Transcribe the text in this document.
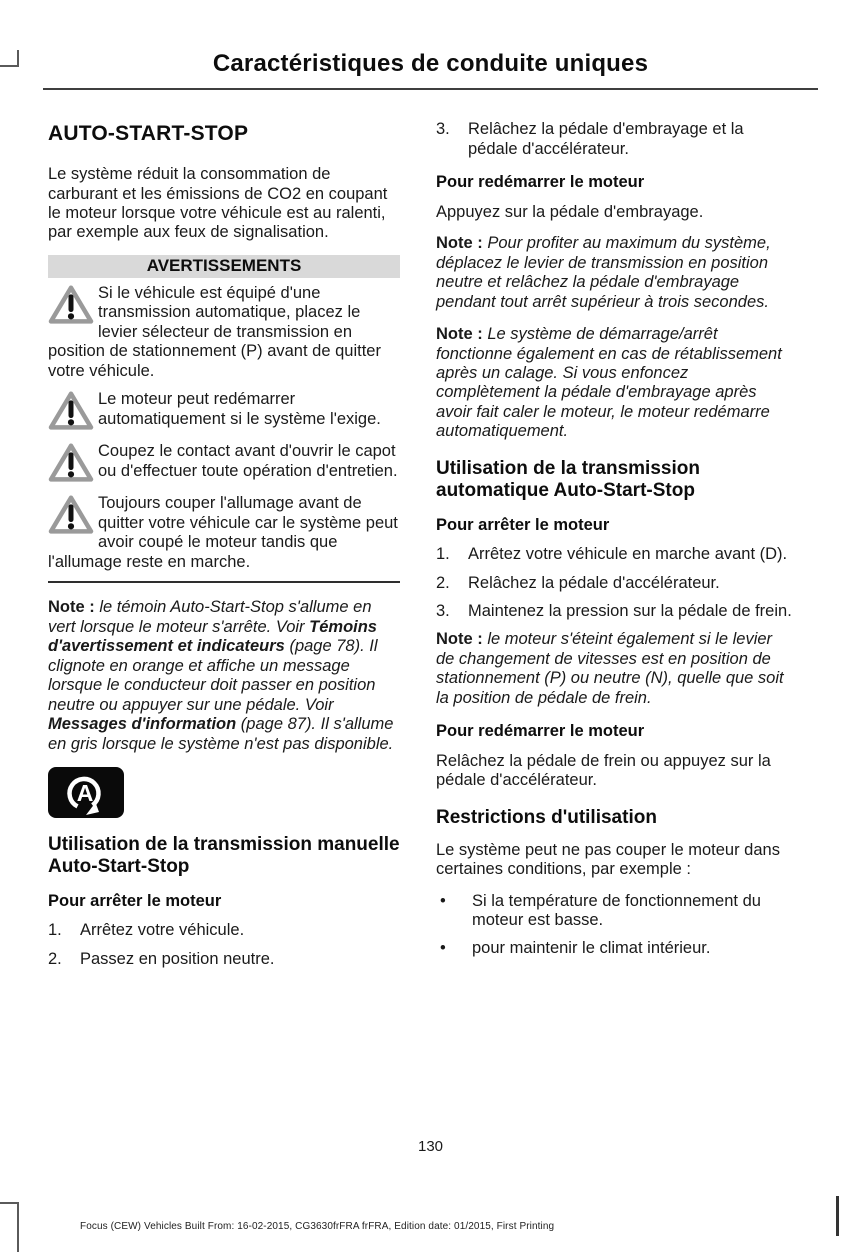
Caractéristiques de conduite uniques
AUTO-START-STOP

Le système réduit la consommation de carburant et les émissions de CO2 en coupant le moteur lorsque votre véhicule est au ralenti, par exemple aux feux de signalisation.

AVERTISSEMENTS
Si le véhicule est équipé d'une transmission automatique, placez le levier sélecteur de transmission en position de stationnement (P) avant de quitter votre véhicule.
Le moteur peut redémarrer automatiquement si le système l'exige.
Coupez le contact avant d'ouvrir le capot ou d'effectuer toute opération d'entretien.
Toujours couper l'allumage avant de quitter votre véhicule car le système peut avoir coupé le moteur tandis que l'allumage reste en marche.

Note : le témoin Auto-Start-Stop s'allume en vert lorsque le moteur s'arrête. Voir Témoins d'avertissement et indicateurs (page 78). Il clignote en orange et affiche un message lorsque le conducteur doit passer en position neutre ou appuyer sur une pédale. Voir Messages d'information (page 87). Il s'allume en gris lorsque le système n'est pas disponible.

A
Utilisation de la transmission manuelle Auto-Start-Stop
Pour arrêter le moteur
1.	Arrêtez votre véhicule.
2.	Passez en position neutre.
3.	Relâchez la pédale d'embrayage et la pédale d'accélérateur.
Pour redémarrer le moteur

Appuyez sur la pédale d'embrayage.

Note : Pour profiter au maximum du système, déplacez le levier de transmission en position neutre et relâchez la pédale d'embrayage pendant tout arrêt supérieur à trois secondes.

Note : Le système de démarrage/arrêt fonctionne également en cas de rétablissement après un calage. Si vous enfoncez complètement la pédale d'embrayage après avoir fait caler le moteur, le moteur redémarre automatiquement.

Utilisation de la transmission automatique Auto-Start-Stop
Pour arrêter le moteur
1.	Arrêtez votre véhicule en marche avant (D).
2.	Relâchez la pédale d'accélérateur.
3.	Maintenez la pression sur la pédale de frein.

Note : le moteur s'éteint également si le levier de changement de vitesses est en position de stationnement (P) ou neutre (N), quelle que soit la position de pédale de frein.

Pour redémarrer le moteur

Relâchez la pédale de frein ou appuyez sur la pédale d'accélérateur.

Restrictions d'utilisation

Le système peut ne pas couper le moteur dans certaines conditions, par exemple :

•	Si la température de fonctionnement du moteur est basse.
•	pour maintenir le climat intérieur.
130
Focus (CEW) Vehicles Built From: 16-02-2015, CG3630frFRA frFRA, Edition date: 01/2015, First Printing
